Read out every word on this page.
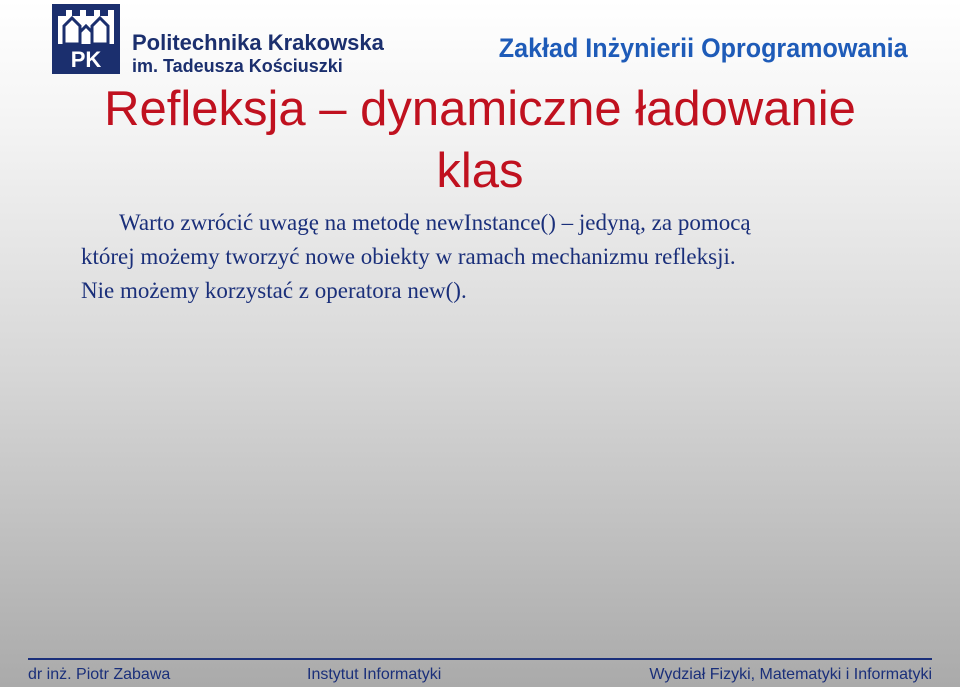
PK
Politechnika Krakowska
im. Tadeusza Kościuszki
Zakład Inżynierii Oprogramowania
Refleksja – dynamiczne ładowanie
klas
Warto zwrócić uwagę na metodę newInstance() – jedyną, za pomocą
której możemy tworzyć nowe obiekty w ramach mechanizmu refleksji.
Nie możemy korzystać z operatora new().
dr inż. Piotr Zabawa	Instytut Informatyki	Wydział Fizyki, Matematyki i Informatyki
